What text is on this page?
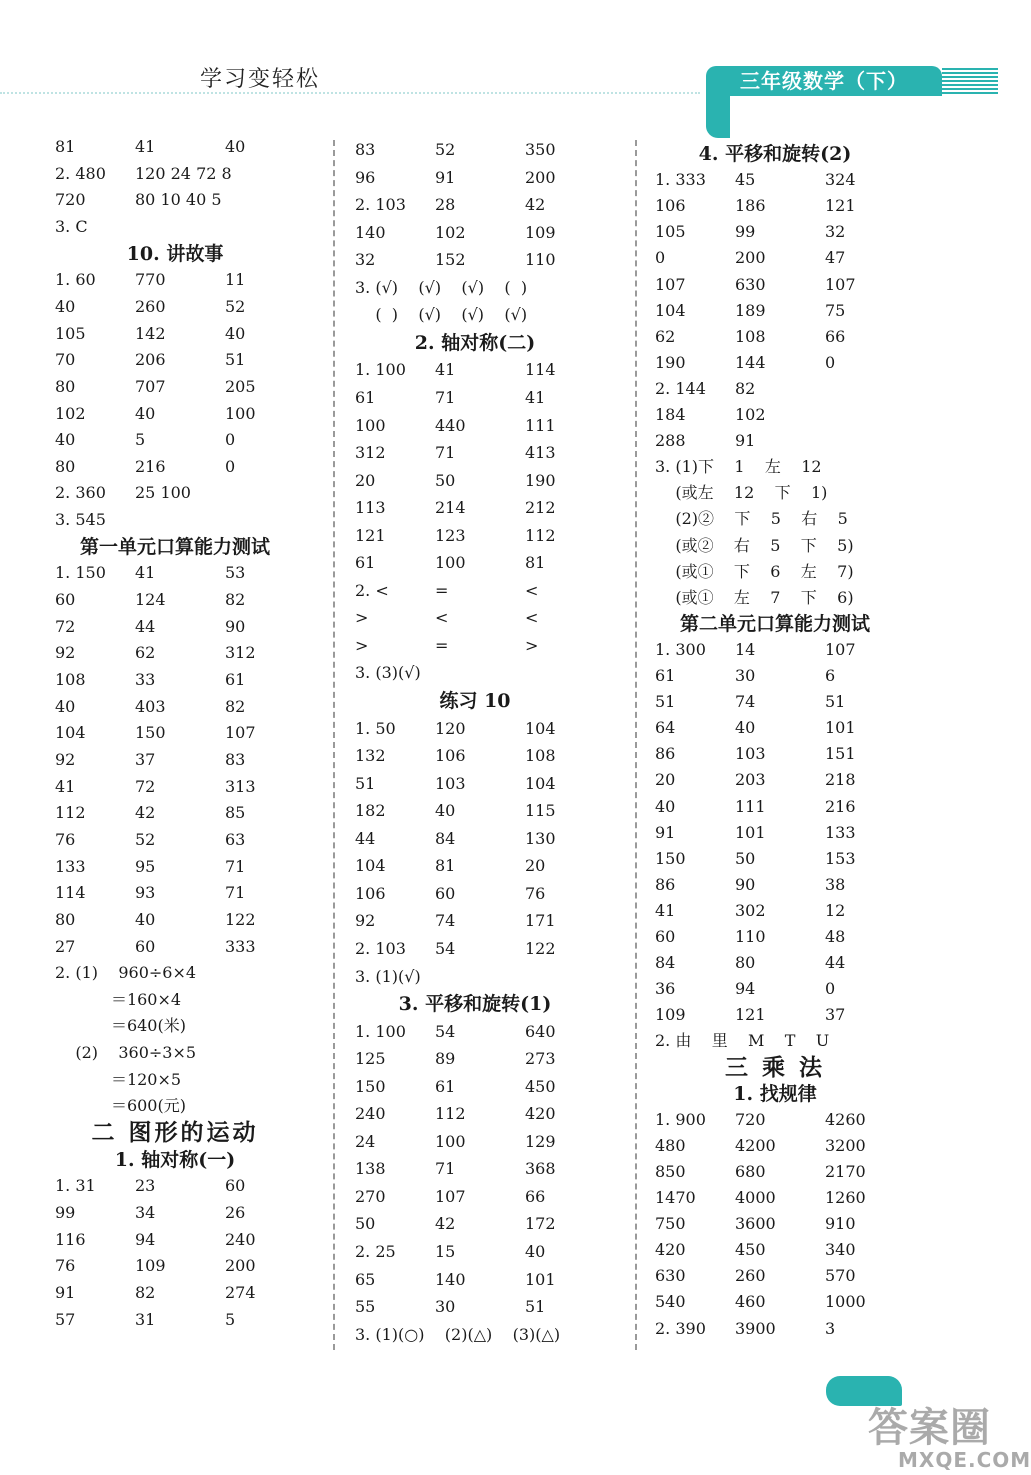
学习变轻松	三年级数学（下）
81	41	40
2. 480 120 24 72 8
720	80 10 40 5
3. C
10. 讲故事
1. 60 770	11
40	260	52
105	142	40
70	206	51
80	707	205
102	40	100
40	5	0
80	216	0
2. 360 25 100
3. 545
第一单元口算能力测试
1. 150 41	53
60	124	82
72	44	90
92	62	312
108	33	61
40	403	82
104	150	107
92	37	83
41	72	313
112	42	85
76	52	63
133	95	71
114	93	71
80	40	122
27	60	333
2. (1)    960÷6×4
＝160×4
＝640(米)
(2)    360÷3×5
＝120×5
＝600(元)
二 图形的运动
1. 轴对称(一)
1. 31 23	60
99	34	26
116	94	240
76	109	200
91	82	274
57	31	5
83	52	350
96	91	200
2. 103 28	42
140	102	109
32	152	110
3. (√)    (√)    (√)    (  )
(  )    (√)    (√)    (√)
2. 轴对称(二)
1. 100 41	114
61	71	41
100	440	111
312	71	413
20	50	190
113	214	212
121	123	112
61	100	81
2. <	=	<
>	<	<
>	=	>
3. (3)(√)
练习 10
1. 50 120	104
132	106	108
51	103	104
182	40	115
44	84	130
104	81	20
106	60	76
92	74	171
2. 103 54	122
3. (1)(√)
3. 平移和旋转(1)
1. 100 54	640
125	89	273
150	61	450
240	112	420
24	100	129
138	71	368
270	107	66
50	42	172
2. 25 15	40
65	140	101
55	30	51
3. (1)(○)    (2)(△)    (3)(△)
4. 平移和旋转(2)
1. 333 45	324
106	186	121
105	99	32
0	200	47
107	630	107
104	189	75
62	108	66
190	144	0
2. 144 82
184	102
288	91
3. (1)下    1    左    12
(或左    12    下    1)
(2)②    下    5    右    5
(或②    右    5    下    5)
(或①    下    6    左    7)
(或①    左    7    下    6)
第二单元口算能力测试
1. 300 14	107
61	30	6
51	74	51
64	40	101
86	103	151
20	203	218
40	111	216
91	101	133
150	50	153
86	90	38
41	302	12
60	110	48
84	80	44
36	94	0
109	121	37
2. 由    里    M    T    U
三 乘 法
1. 找规律
1. 900 720	4260
480	4200	3200
850	680	2170
1470 4000	1260
750	3600	910
420	450	340
630	260	570
540	460	1000
2. 390 3900	3
答案圈
MXQE.COM
